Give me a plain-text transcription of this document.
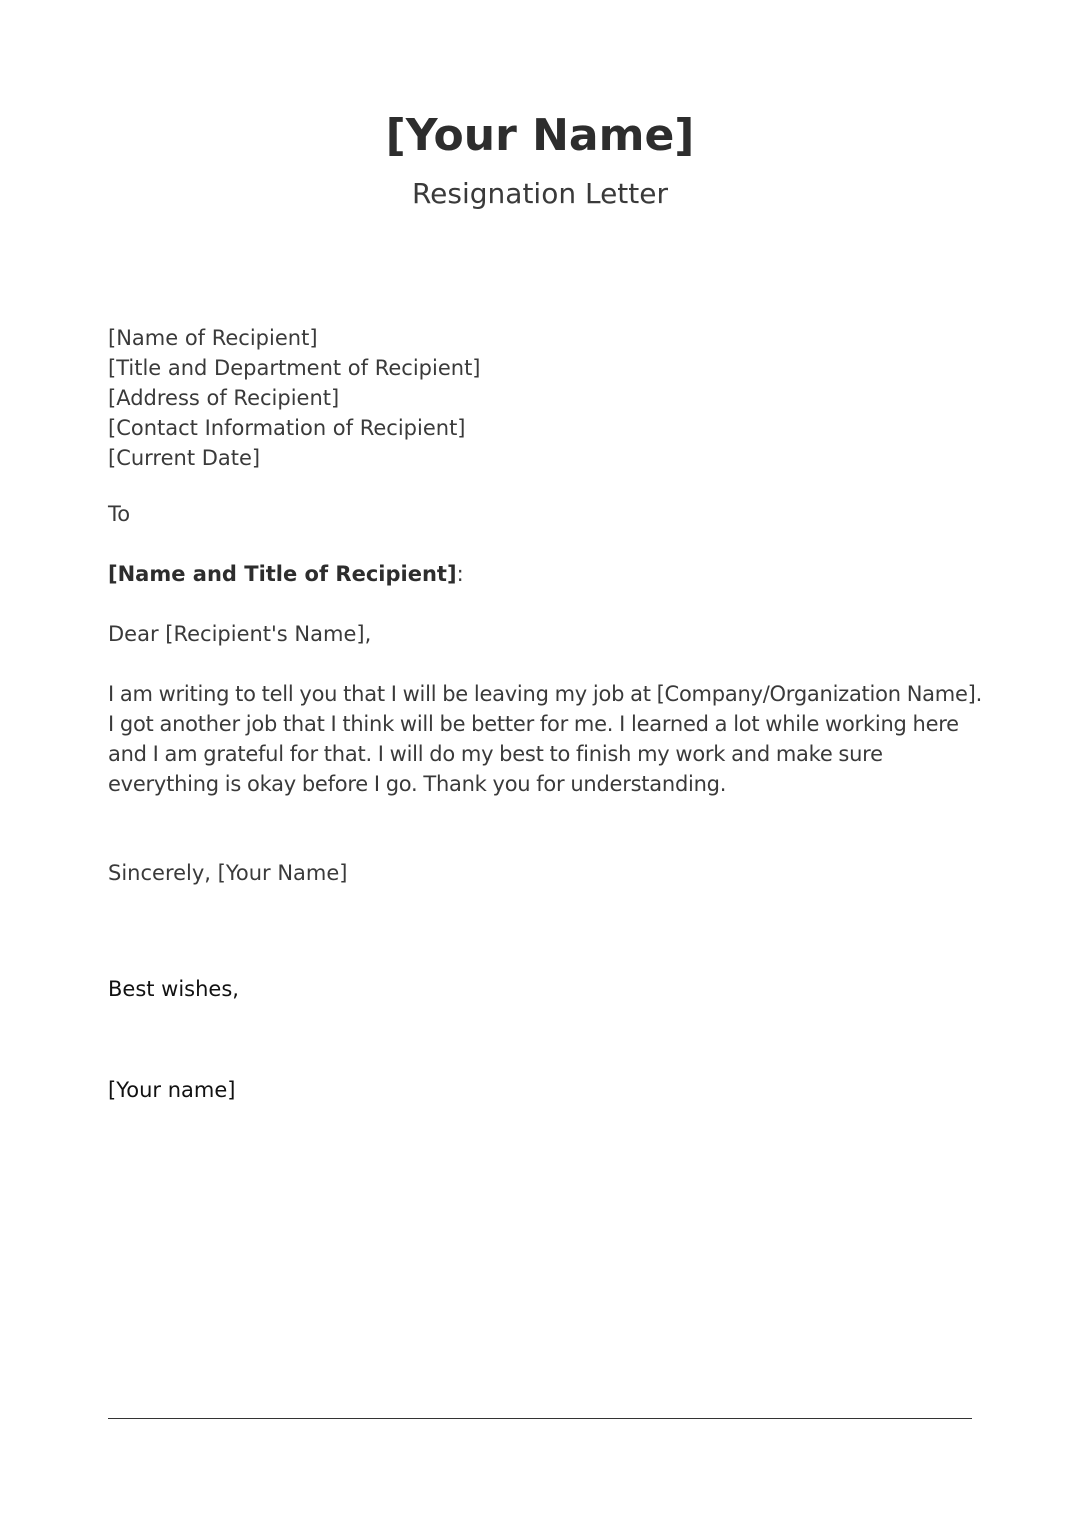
[Your Name]
Resignation Letter
[Name of Recipient]
[Title and Department of Recipient]
[Address of Recipient]
[Contact Information of Recipient]
[Current Date]
To
[Name and Title of Recipient]:
Dear [Recipient's Name],
I am writing to tell you that I will be leaving my job at [Company/Organization Name]. I got another job that I think will be better for me. I learned a lot while working here and I am grateful for that. I will do my best to finish my work and make sure everything is okay before I go. Thank you for understanding.
Sincerely, [Your Name]
Best wishes,
[Your name]
